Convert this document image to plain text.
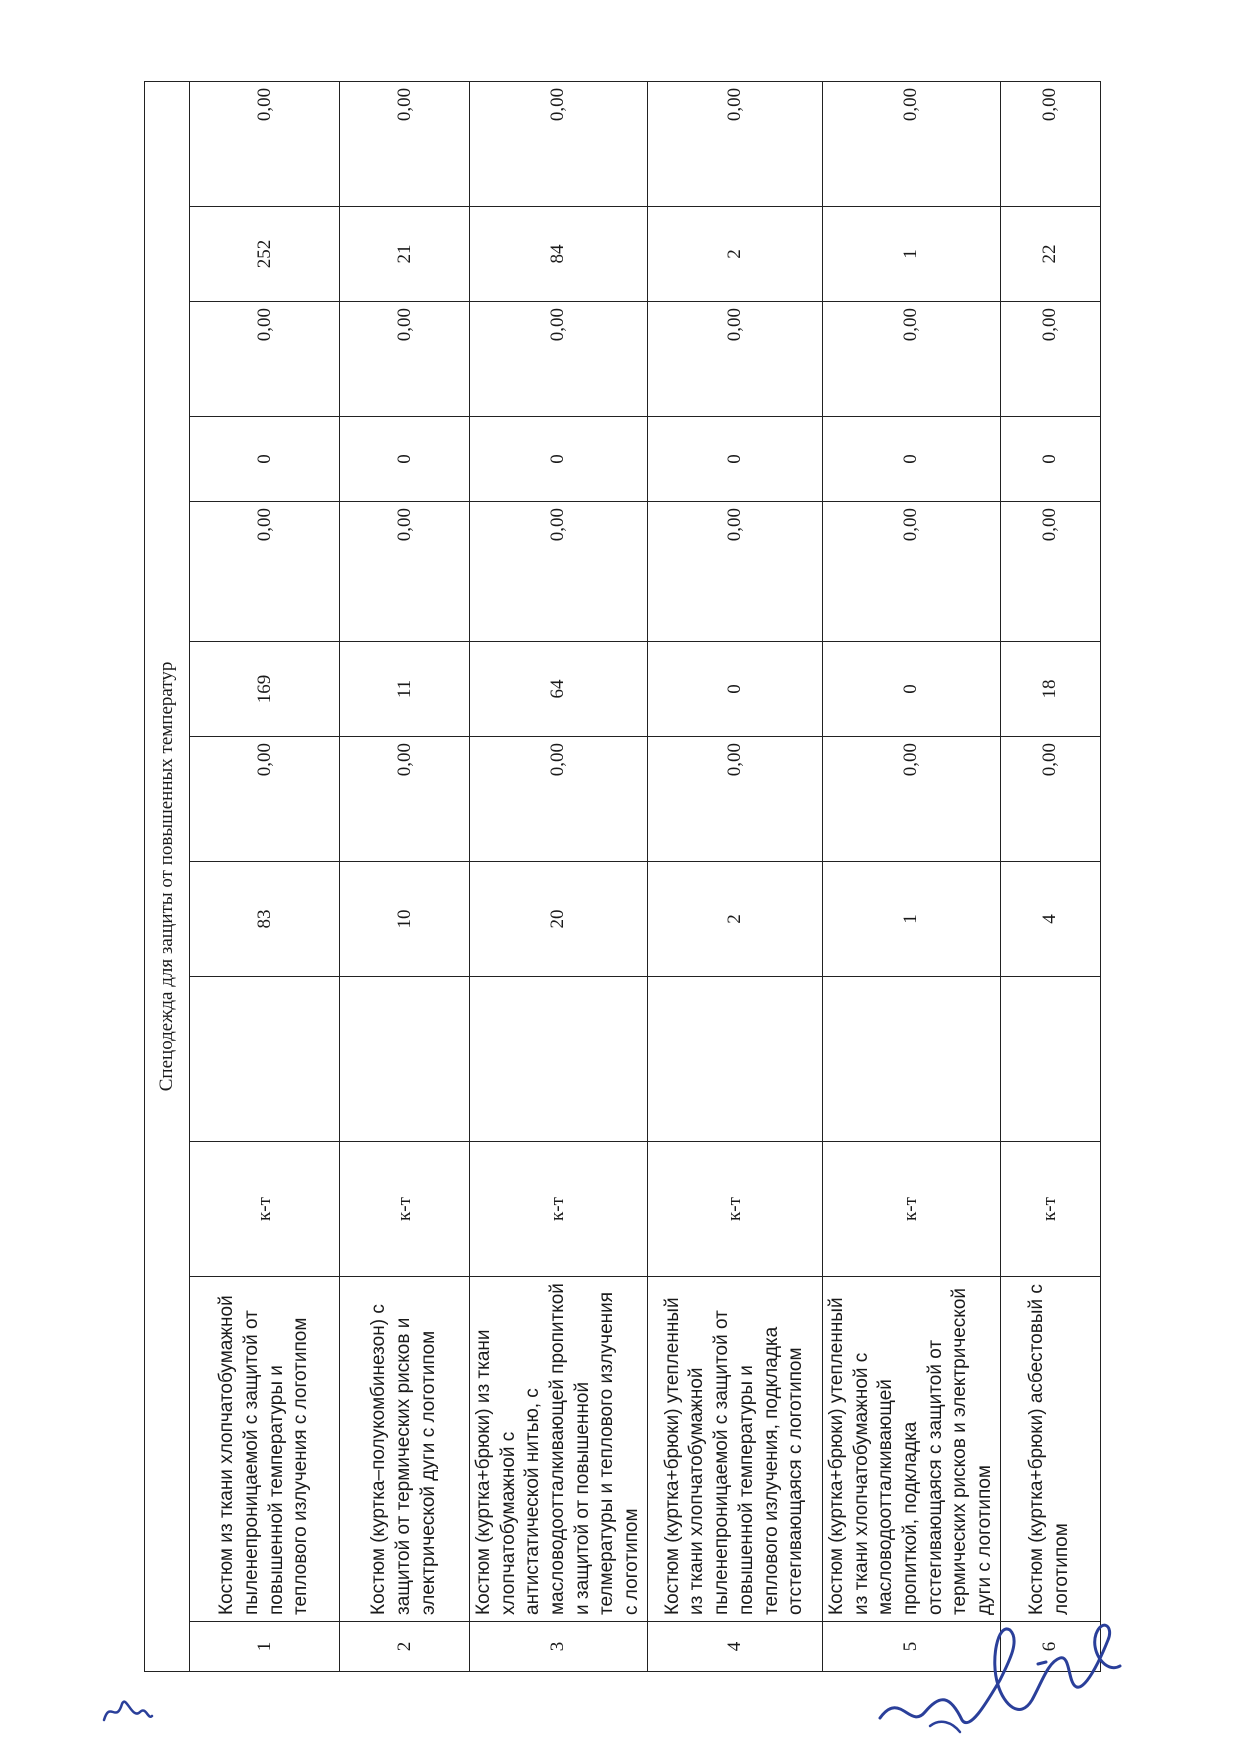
Спецодежда для защиты от повышенных температур											
1	Костюм из ткани хлопчатобумажной пыленепроницаемой с защитой от повышенной температуры и теплового излучения с логотипом	к-т		83	0,00	169	0,00	0	0,00	252	0,00
2	Костюм (куртка–полукомбинезон) с защитой от термических рисков и электрической дуги с логотипом	к-т		10	0,00	11	0,00	0	0,00	21	0,00
3	Костюм (куртка+брюки) из ткани хлопчатобумажной с антистатической нитью, с масловодоотталкивающей пропиткой и защитой от повышенной телмературы и теплового излучения с логотипом	к-т		20	0,00	64	0,00	0	0,00	84	0,00
4	Костюм (куртка+брюки) утепленный из ткани хлопчатобумажной пыленепроницаемой с защитой от повышенной температуры и теплового излучения, подкладка отстегивающаяся с логотипом	к-т		2	0,00	0	0,00	0	0,00	2	0,00
5	Костюм (куртка+брюки) утепленный из ткани хлопчатобумажной с масловодоотталкивающей пропиткой, подкладка отстегивающаяся с защитой от термических рисков и электрической дуги с логотипом	к-т		1	0,00	0	0,00	0	0,00	1	0,00
6	Костюм (куртка+брюки) асбестовый с логотипом	к-т		4	0,00	18	0,00	0	0,00	22	0,00
